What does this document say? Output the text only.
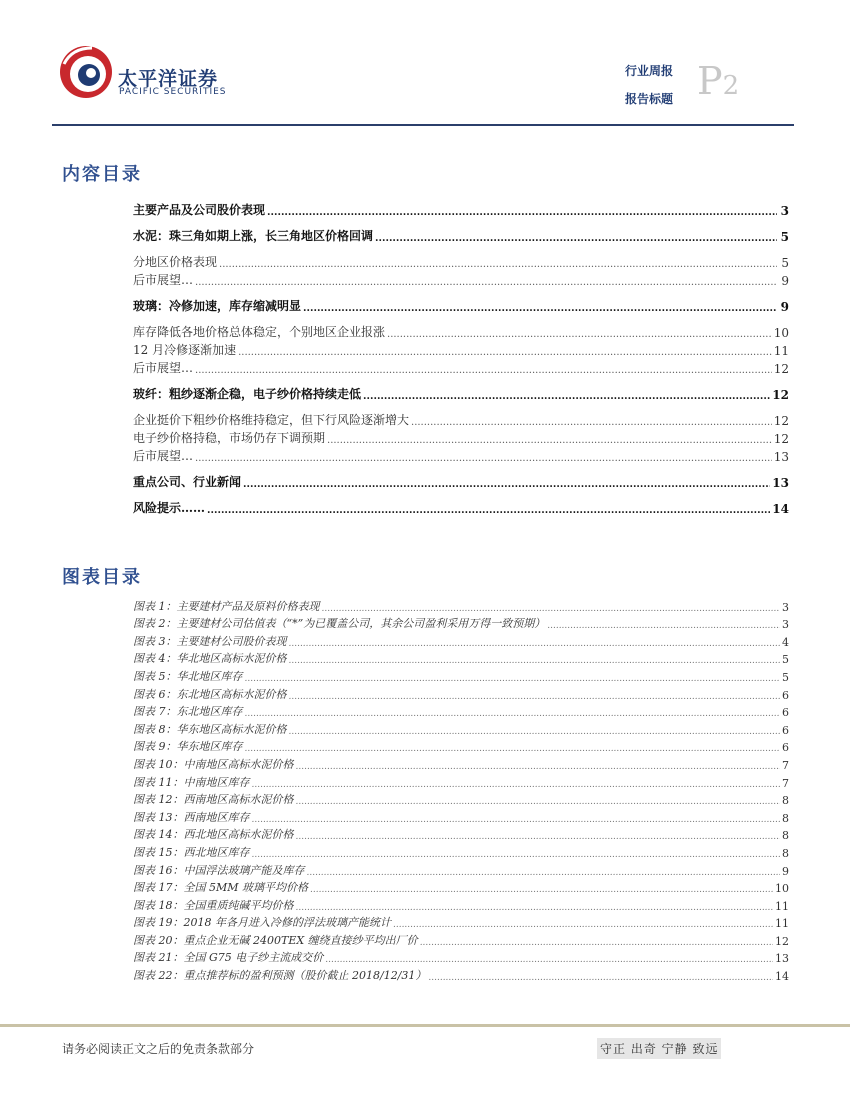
太平洋证券
PACIFIC SECURITIES
行业周报
报告标题 P2
内容目录
主要产品及公司股价表现 .....	3
水泥：珠三角如期上涨，长三角地区价格回调 .....	5
分地区价格表现 .....	5
后市展望… .....	9
玻璃：冷修加速，库存缩减明显 .....	9
库存降低各地价格总体稳定，个别地区企业报涨 .....	10
12 月冷修逐渐加速 .....	11
后市展望… .....	12
玻纤：粗纱逐渐企稳，电子纱价格持续走低 .....	12
企业挺价下粗纱价格维持稳定，但下行风险逐渐增大 .....	12
电子纱价格持稳，市场仍存下调预期 .....	12
后市展望… .....	13
重点公司、行业新闻 .....	13
风险提示…… .....	14
图表目录
图表 1：主要建材产品及原料价格表现 .....	3
图表 2：主要建材公司估值表（“*”为已覆盖公司，其余公司盈利采用万得一致预期） .....	3
图表 3：主要建材公司股价表现 .....	4
图表 4：华北地区高标水泥价格 .....	5
图表 5：华北地区库存 .....	5
图表 6：东北地区高标水泥价格 .....	6
图表 7：东北地区库存 .....	6
图表 8：华东地区高标水泥价格 .....	6
图表 9：华东地区库存 .....	6
图表 10：中南地区高标水泥价格 .....	7
图表 11：中南地区库存 .....	7
图表 12：西南地区高标水泥价格 .....	8
图表 13：西南地区库存 .....	8
图表 14：西北地区高标水泥价格 .....	8
图表 15：西北地区库存 .....	8
图表 16：中国浮法玻璃产能及库存 .....	9
图表 17：全国 5MM 玻璃平均价格 .....	10
图表 18：全国重质纯碱平均价格 .....	11
图表 19：2018 年各月进入冷修的浮法玻璃产能统计 .....	11
图表 20：重点企业无碱 2400TEX 缠绕直接纱平均出厂价 .....	12
图表 21：全国 G75 电子纱主流成交价 .....	13
图表 22：重点推荐标的盈利预测（股价截止 2018/12/31） .....	14
请务必阅读正文之后的免责条款部分	守正 出奇 宁静 致远
